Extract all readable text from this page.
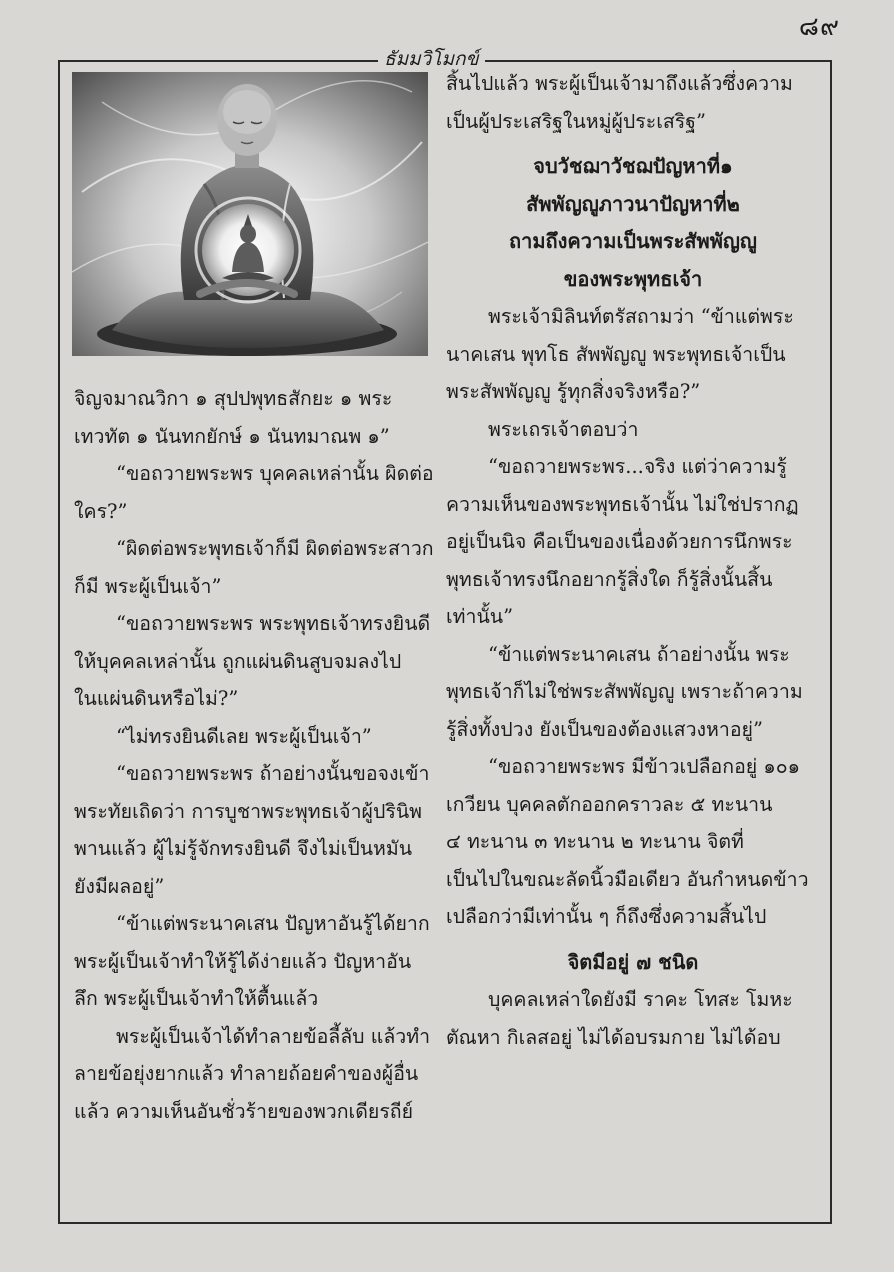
๘๙
ธัมมวิโมกข์
จิญจมาณวิกา ๑ สุปปพุทธสักยะ ๑ พระ
เทวทัต ๑ นันทกยักษ์ ๑ นันทมาณพ ๑”
“ขอถวายพระพร บุคคลเหล่านั้น ผิดต่อ
ใคร?”
“ผิดต่อพระพุทธเจ้าก็มี ผิดต่อพระสาวก
ก็มี พระผู้เป็นเจ้า”
“ขอถวายพระพร พระพุทธเจ้าทรงยินดี
ให้บุคคลเหล่านั้น ถูกแผ่นดินสูบจมลงไป
ในแผ่นดินหรือไม่?”
“ไม่ทรงยินดีเลย พระผู้เป็นเจ้า”
“ขอถวายพระพร ถ้าอย่างนั้นขอจงเข้า
พระทัยเถิดว่า การบูชาพระพุทธเจ้าผู้ปรินิพ
พานแล้ว ผู้ไม่รู้จักทรงยินดี จึงไม่เป็นหมัน
ยังมีผลอยู่”
“ข้าแต่พระนาคเสน ปัญหาอันรู้ได้ยาก
พระผู้เป็นเจ้าทำให้รู้ได้ง่ายแล้ว ปัญหาอัน
ลึก พระผู้เป็นเจ้าทำให้ตื้นแล้ว
พระผู้เป็นเจ้าได้ทำลายข้อลี้ลับ แล้วทำ
ลายข้อยุ่งยากแล้ว ทำลายถ้อยคำของผู้อื่น
แล้ว ความเห็นอันชั่วร้ายของพวกเดียรถีย์
สิ้นไปแล้ว พระผู้เป็นเจ้ามาถึงแล้วซึ่งความ
เป็นผู้ประเสริฐในหมู่ผู้ประเสริฐ”
จบวัชฌาวัชฌปัญหาที่๑
สัพพัญญูภาวนาปัญหาที่๒
ถามถึงความเป็นพระสัพพัญญู
ของพระพุทธเจ้า
พระเจ้ามิลินท์ตรัสถามว่า “ข้าแต่พระ
นาคเสน พุทโธ สัพพัญญู พระพุทธเจ้าเป็น
พระสัพพัญญู รู้ทุกสิ่งจริงหรือ?”
พระเถรเจ้าตอบว่า
“ขอถวายพระพร...จริง แต่ว่าความรู้
ความเห็นของพระพุทธเจ้านั้น ไม่ใช่ปรากฏ
อยู่เป็นนิจ คือเป็นของเนื่องด้วยการนึกพระ
พุทธเจ้าทรงนึกอยากรู้สิ่งใด ก็รู้สิ่งนั้นสิ้น
เท่านั้น”
“ข้าแต่พระนาคเสน ถ้าอย่างนั้น พระ
พุทธเจ้าก็ไม่ใช่พระสัพพัญญู เพราะถ้าความ
รู้สิ่งทั้งปวง ยังเป็นของต้องแสวงหาอยู่”
“ขอถวายพระพร มีข้าวเปลือกอยู่ ๑๐๑
เกวียน บุคคลตักออกคราวละ ๕ ทะนาน
๔ ทะนาน ๓ ทะนาน ๒ ทะนาน จิตที่
เป็นไปในขณะลัดนิ้วมือเดียว อันกำหนดข้าว
เปลือกว่ามีเท่านั้น ๆ ก็ถึงซึ่งความสิ้นไป
จิตมีอยู่ ๗ ชนิด
บุคคลเหล่าใดยังมี ราคะ โทสะ โมหะ
ตัณหา กิเลสอยู่ ไม่ได้อบรมกาย ไม่ได้อบ
